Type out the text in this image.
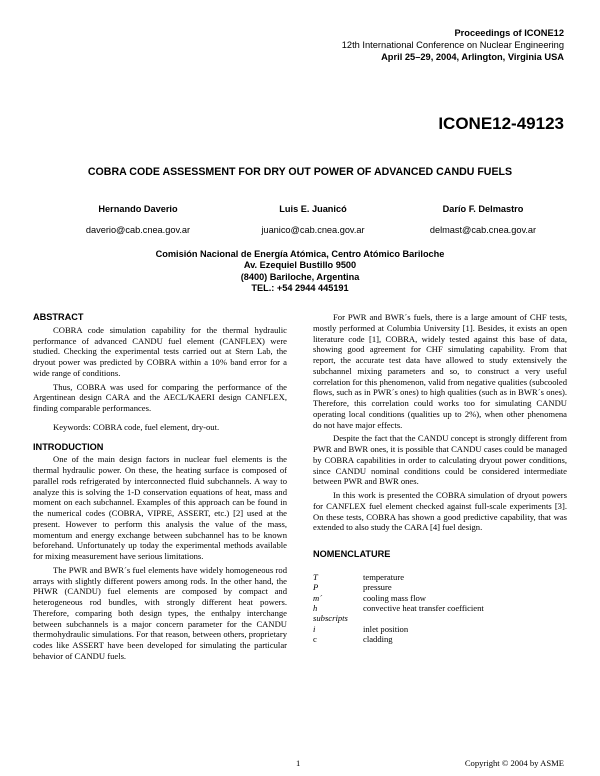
Proceedings of ICONE12
12th International Conference on Nuclear Engineering
April 25–29, 2004, Arlington, Virginia USA
ICONE12-49123
COBRA CODE ASSESSMENT FOR DRY OUT POWER OF ADVANCED CANDU FUELS
Hernando Daverio
daverio@cab.cnea.gov.ar
Luis E. Juanicó
juanico@cab.cnea.gov.ar
Darío F. Delmastro
delmast@cab.cnea.gov.ar
Comisión Nacional de Energía Atómica, Centro Atómico Bariloche
Av. Ezequiel Bustillo 9500
(8400) Bariloche, Argentina
TEL.: +54 2944 445191
ABSTRACT

COBRA code simulation capability for the thermal hydraulic performance of advanced CANDU fuel element (CANFLEX) were studied. Checking the experimental tests carried out at Stern Lab, the dryout power was predicted by COBRA within a 10% band error for a wide range of conditions.

Thus, COBRA was used for comparing the performance of the Argentinean design CARA and the AECL/KAERI design CANFLEX, finding comparable performances.

Keywords: COBRA code, fuel element, dry-out.

INTRODUCTION

One of the main design factors in nuclear fuel elements is the thermal hydraulic power. On these, the heating surface is composed of parallel rods refrigerated by interconnected fluid subchannels. A way to analyze this is solving the 1-D conservation equations of heat, mass and moment on each subchannel. Examples of this approach can be found in the numerical codes (COBRA, VIPRE, ASSERT, etc.) [2] used at the present. However to perform this analysis the value of the mass, momentum and energy exchange between subchannel has to be known beforehand. Unfortunately up today the experimental methods available for mixing measurement have serious limitations.

The PWR and BWR´s fuel elements have widely homogeneous rod arrays with slightly different powers among rods. In the other hand, the PHWR (CANDU) fuel elements are composed by compact and heterogeneous rod bundles, with strongly different heat powers. Therefore, comparing both design types, the enthalpy interchange between subchannels is a major concern parameter for the CANDU thermohydraulic simulations. For that reason, between others, proprietary codes like ASSERT have been developed for simulating the particular behavior of CANDU fuels.

For PWR and BWR´s fuels, there is a large amount of CHF tests, mostly performed at Columbia University [1]. Besides, it exists an open literature code [1], COBRA, widely tested against this base of data, showing good agreement for CHF simulating capability. From that report, the accurate test data have allowed to study extensively the subchannel mixing parameters and so, to construct a very useful correlation for this phenomenon, valid from negative qualities (subcooled flows, such as in PWR´s ones) to high qualities (such as in BWR´s ones). Therefore, this correlation could works too for simulating CANDU operating local conditions (qualities up to 2%), when other phenomena do not have major effects.

Despite the fact that the CANDU concept is strongly different from PWR and BWR ones, it is possible that CANDU cases could be managed by COBRA capabilities in order to calculating dryout power conditions, since CANDU nominal conditions could be considered intermediate between PWR and BWR ones.

In this work is presented the COBRA simulation of dryout powers for CANFLEX fuel element checked against full-scale experiments [3]. On these tests, COBRA has shown a good predictive capability, that was extended to also study the CARA [4] fuel design.

NOMENCLATURE
T	temperature
P	pressure
m´	cooling mass flow
h	convective heat transfer coefficient
subscripts
i	inlet position
c	cladding
1	Copyright © 2004 by ASME
